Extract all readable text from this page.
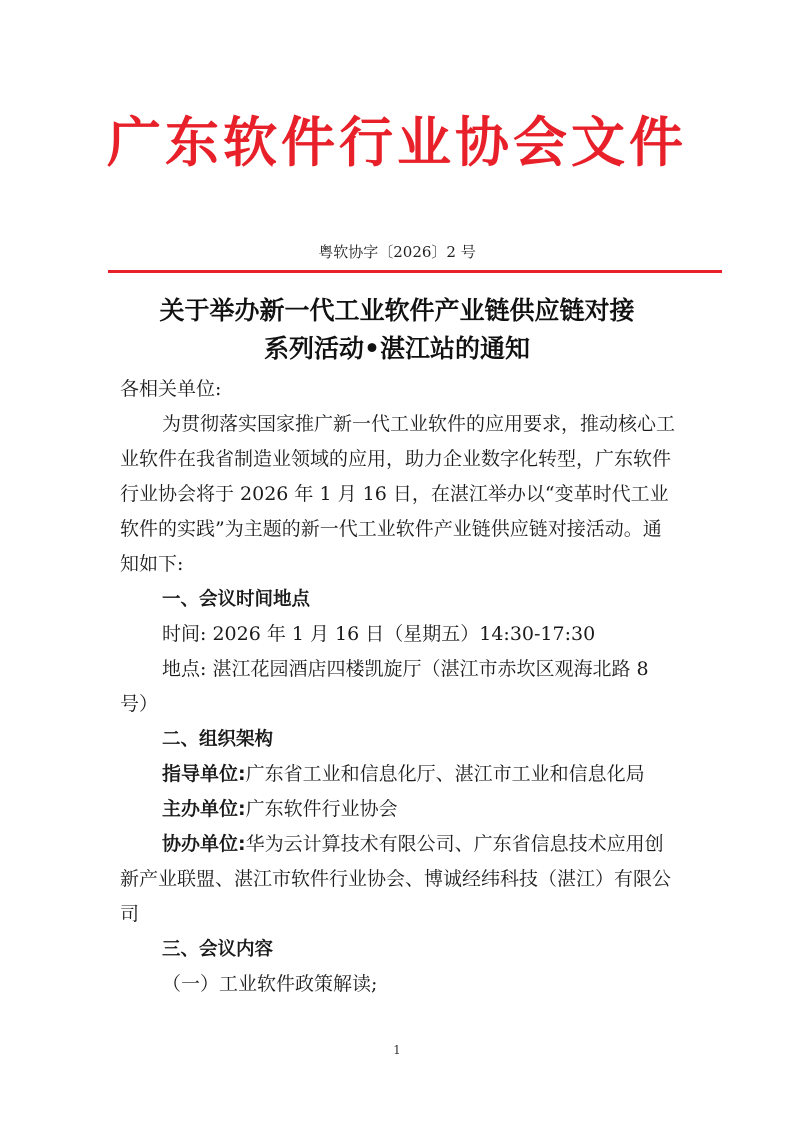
广东软件行业协会文件
粤软协字〔2026〕2 号
关于举办新一代工业软件产业链供应链对接
系列活动•湛江站的通知

各相关单位:

为贯彻落实国家推广新一代工业软件的应用要求，推动核心工业软件在我省制造业领域的应用，助力企业数字化转型，广东软件行业协会将于 2026 年 1 月 16 日，在湛江举办以“变革时代工业软件的实践”为主题的新一代工业软件产业链供应链对接活动。通知如下:

一、会议时间地点

时间: 2026 年 1 月 16 日（星期五）14:30-17:30

地点: 湛江花园酒店四楼凯旋厅（湛江市赤坎区观海北路 8 号）

二、组织架构

指导单位:广东省工业和信息化厅、湛江市工业和信息化局

主办单位:广东软件行业协会

协办单位:华为云计算技术有限公司、广东省信息技术应用创新产业联盟、湛江市软件行业协会、博诚经纬科技（湛江）有限公司

三、会议内容

（一）工业软件政策解读;

1
